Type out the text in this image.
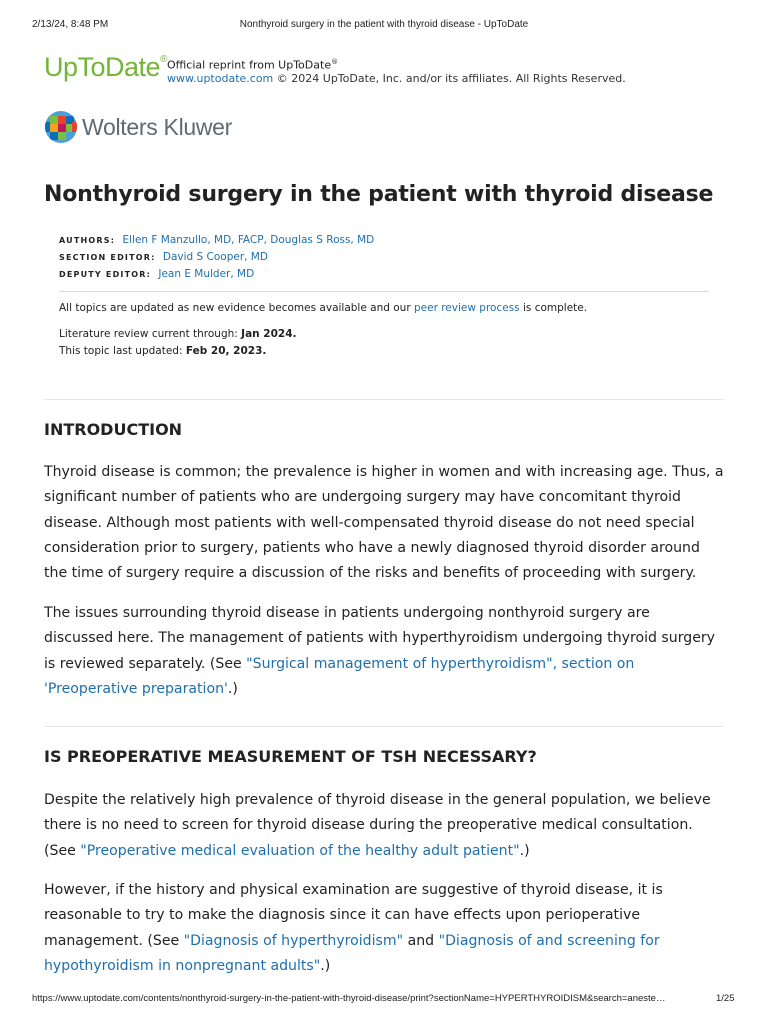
2/13/24, 8:48 PM	Nonthyroid surgery in the patient with thyroid disease - UpToDate
UpToDate® Official reprint from UpToDate®
www.uptodate.com © 2024 UpToDate, Inc. and/or its affiliates. All Rights Reserved.
Wolters Kluwer
Nonthyroid surgery in the patient with thyroid disease
AUTHORS: Ellen F Manzullo, MD, FACP, Douglas S Ross, MD
SECTION EDITOR: David S Cooper, MD
DEPUTY EDITOR: Jean E Mulder, MD
All topics are updated as new evidence becomes available and our peer review process is complete.
Literature review current through: Jan 2024.
This topic last updated: Feb 20, 2023.
INTRODUCTION
Thyroid disease is common; the prevalence is higher in women and with increasing age. Thus, a
significant number of patients who are undergoing surgery may have concomitant thyroid
disease. Although most patients with well-compensated thyroid disease do not need special
consideration prior to surgery, patients who have a newly diagnosed thyroid disorder around
the time of surgery require a discussion of the risks and benefits of proceeding with surgery.
The issues surrounding thyroid disease in patients undergoing nonthyroid surgery are
discussed here. The management of patients with hyperthyroidism undergoing thyroid surgery
is reviewed separately. (See "Surgical management of hyperthyroidism", section on
'Preoperative preparation'.)
IS PREOPERATIVE MEASUREMENT OF TSH NECESSARY?
Despite the relatively high prevalence of thyroid disease in the general population, we believe
there is no need to screen for thyroid disease during the preoperative medical consultation.
(See "Preoperative medical evaluation of the healthy adult patient".)
However, if the history and physical examination are suggestive of thyroid disease, it is
reasonable to try to make the diagnosis since it can have effects upon perioperative
management. (See "Diagnosis of hyperthyroidism" and "Diagnosis of and screening for
hypothyroidism in nonpregnant adults".)
https://www.uptodate.com/contents/nonthyroid-surgery-in-the-patient-with-thyroid-disease/print?sectionName=HYPERTHYROIDISM&search=aneste…	1/25
